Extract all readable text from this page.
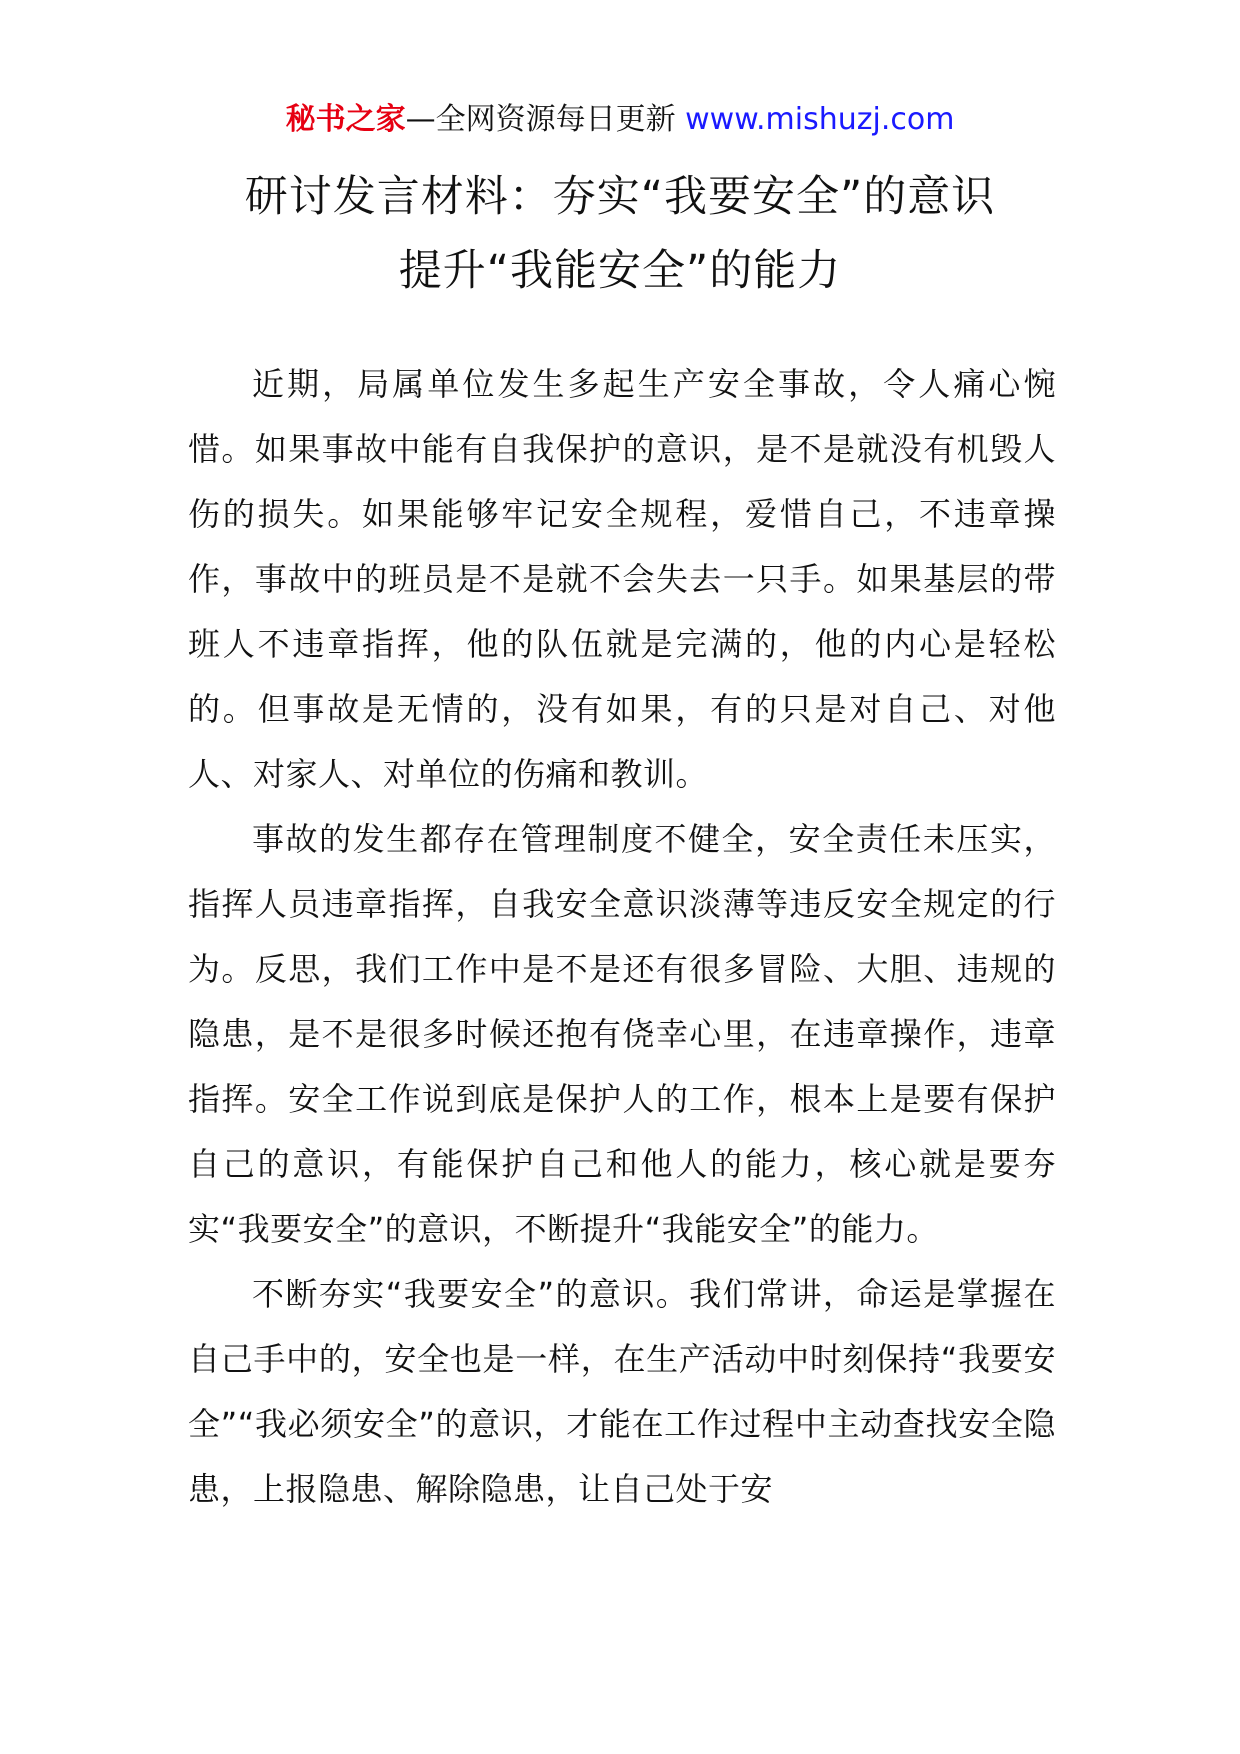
秘书之家—全网资源每日更新 www.mishuzj.com
研讨发言材料：夯实“我要安全”的意识
提升“我能安全”的能力

近期，局属单位发生多起生产安全事故，令人痛心惋惜。如果事故中能有自我保护的意识，是不是就没有机毁人伤的损失。如果能够牢记安全规程，爱惜自己，不违章操作，事故中的班员是不是就不会失去一只手。如果基层的带班人不违章指挥，他的队伍就是完满的，他的内心是轻松的。但事故是无情的，没有如果，有的只是对自己、对他人、对家人、对单位的伤痛和教训。

事故的发生都存在管理制度不健全，安全责任未压实，指挥人员违章指挥，自我安全意识淡薄等违反安全规定的行为。反思，我们工作中是不是还有很多冒险、大胆、违规的隐患，是不是很多时候还抱有侥幸心里，在违章操作，违章指挥。安全工作说到底是保护人的工作，根本上是要有保护自己的意识，有能保护自己和他人的能力，核心就是要夯实“我要安全”的意识，不断提升“我能安全”的能力。

不断夯实“我要安全”的意识。我们常讲，命运是掌握在自己手中的，安全也是一样，在生产活动中时刻保持“我要安全”“我必须安全”的意识，才能在工作过程中主动查找安全隐患，上报隐患、解除隐患，让自己处于安
